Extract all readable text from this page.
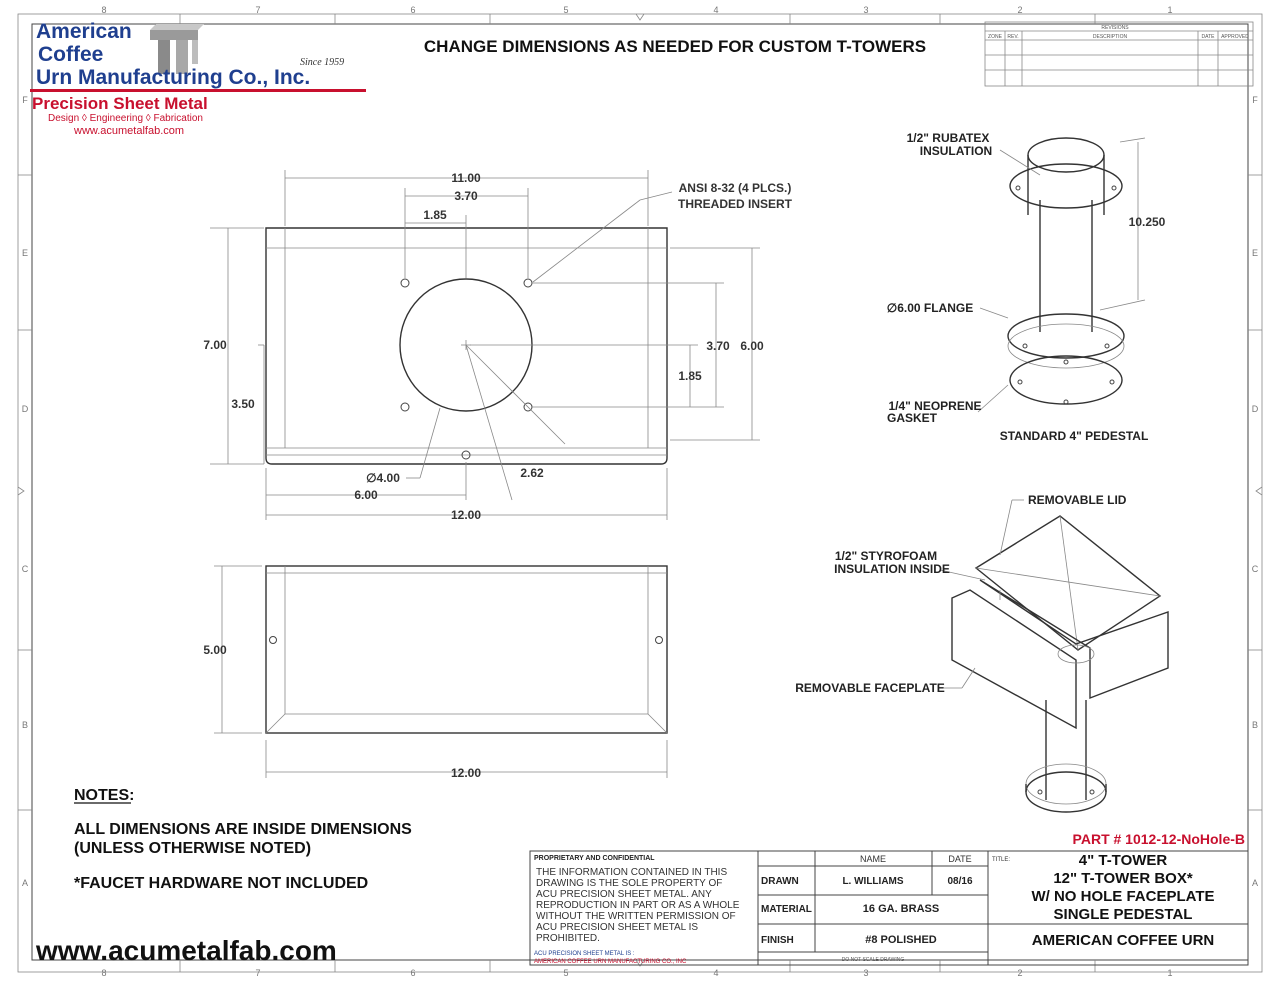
8	7	6	5	4	3	2	1
8	7	6	5	4	3	2	1
F
E
D
C
B
A
F
E
D
C
B
A
American
Coffee
Urn Manufacturing Co., Inc.
Since 1959
Precision Sheet Metal
Design ◊ Engineering ◊ Fabrication
www.acumetalfab.com
CHANGE DIMENSIONS AS NEEDED FOR CUSTOM T-TOWERS
REVISIONS
ZONE REV.	DESCRIPTION	DATE APPROVED
11.00
3.70
1.85
12.00
6.00
7.00
3.50
6.00
3.70
1.85
∅4.00	2.62
ANSI 8-32 (4 PLCS.)
THREADED INSERT
5.00
12.00
1/2" RUBATEX
INSULATION
10.250
∅6.00 FLANGE
1/4" NEOPRENE
GASKET
STANDARD 4" PEDESTAL
REMOVABLE LID
1/2" STYROFOAM
INSULATION INSIDE
REMOVABLE FACEPLATE
NOTES:
ALL DIMENSIONS ARE INSIDE DIMENSIONS
(UNLESS OTHERWISE NOTED)
*FAUCET HARDWARE NOT INCLUDED
www.acumetalfab.com
PART # 1012-12-NoHole-B
PROPRIETARY AND CONFIDENTIAL
THE INFORMATION CONTAINED IN THIS
DRAWING IS THE SOLE PROPERTY OF
ACU PRECISION SHEET METAL. ANY
REPRODUCTION IN PART OR AS A WHOLE
WITHOUT THE WRITTEN PERMISSION OF
ACU PRECISION SHEET METAL IS
PROHIBITED.
ACU PRECISION SHEET METAL IS :
AMERICAN COFFEE URN MANUFACTURING CO., INC
NAME	DATE	TITLE:
DRAWN	L. WILLIAMS	08/16
MATERIAL	16 GA. BRASS
FINISH	#8 POLISHED
DO NOT SCALE DRAWING
4" T-TOWER
12" T-TOWER BOX*
W/ NO HOLE FACEPLATE
SINGLE PEDESTAL
AMERICAN COFFEE URN
